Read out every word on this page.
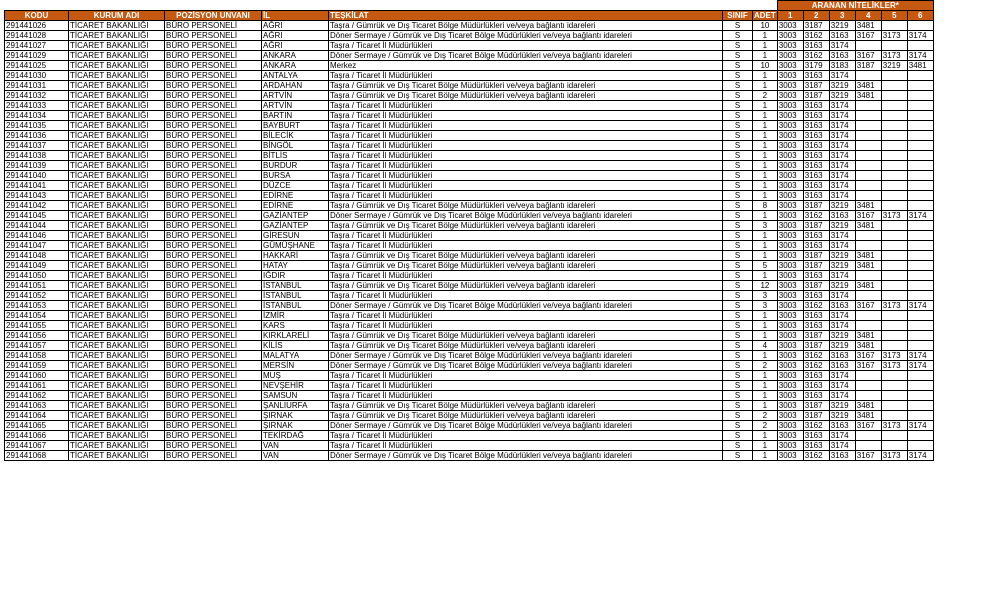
							ARANAN NİTELİKLER*					
KODU	KURUM ADI	POZİSYON UNVANI	İL	TEŞKİLAT	SINIF	ADET	1	2	3	4	5	6
291441026	TİCARET BAKANLIĞI	BÜRO PERSONELİ	AĞRI	Taşra / Gümrük ve Dış Ticaret Bölge Müdürlükleri ve/veya bağlantı idareleri	S	10	3003	3187	3219	3481		
291441028	TİCARET BAKANLIĞI	BÜRO PERSONELİ	AĞRI	Döner Sermaye / Gümrük ve Dış Ticaret Bölge Müdürlükleri ve/veya bağlantı idareleri	S	1	3003	3162	3163	3167	3173	3174
291441027	TİCARET BAKANLIĞI	BÜRO PERSONELİ	AĞRI	Taşra / Ticaret İl Müdürlükleri	S	1	3003	3163	3174			
291441029	TİCARET BAKANLIĞI	BÜRO PERSONELİ	ANKARA	Döner Sermaye / Gümrük ve Dış Ticaret Bölge Müdürlükleri ve/veya bağlantı idareleri	S	1	3003	3162	3163	3167	3173	3174
291441025	TİCARET BAKANLIĞI	BÜRO PERSONELİ	ANKARA	Merkez	S	10	3003	3179	3183	3187	3219	3481
291441030	TİCARET BAKANLIĞI	BÜRO PERSONELİ	ANTALYA	Taşra / Ticaret İl Müdürlükleri	S	1	3003	3163	3174			
291441031	TİCARET BAKANLIĞI	BÜRO PERSONELİ	ARDAHAN	Taşra / Gümrük ve Dış Ticaret Bölge Müdürlükleri ve/veya bağlantı idareleri	S	1	3003	3187	3219	3481		
291441032	TİCARET BAKANLIĞI	BÜRO PERSONELİ	ARTVİN	Taşra / Gümrük ve Dış Ticaret Bölge Müdürlükleri ve/veya bağlantı idareleri	S	2	3003	3187	3219	3481		
291441033	TİCARET BAKANLIĞI	BÜRO PERSONELİ	ARTVİN	Taşra / Ticaret İl Müdürlükleri	S	1	3003	3163	3174			
291441034	TİCARET BAKANLIĞI	BÜRO PERSONELİ	BARTIN	Taşra / Ticaret İl Müdürlükleri	S	1	3003	3163	3174			
291441035	TİCARET BAKANLIĞI	BÜRO PERSONELİ	BAYBURT	Taşra / Ticaret İl Müdürlükleri	S	1	3003	3163	3174			
291441036	TİCARET BAKANLIĞI	BÜRO PERSONELİ	BİLECİK	Taşra / Ticaret İl Müdürlükleri	S	1	3003	3163	3174			
291441037	TİCARET BAKANLIĞI	BÜRO PERSONELİ	BİNGÖL	Taşra / Ticaret İl Müdürlükleri	S	1	3003	3163	3174			
291441038	TİCARET BAKANLIĞI	BÜRO PERSONELİ	BİTLİS	Taşra / Ticaret İl Müdürlükleri	S	1	3003	3163	3174			
291441039	TİCARET BAKANLIĞI	BÜRO PERSONELİ	BURDUR	Taşra / Ticaret İl Müdürlükleri	S	1	3003	3163	3174			
291441040	TİCARET BAKANLIĞI	BÜRO PERSONELİ	BURSA	Taşra / Ticaret İl Müdürlükleri	S	1	3003	3163	3174			
291441041	TİCARET BAKANLIĞI	BÜRO PERSONELİ	DÜZCE	Taşra / Ticaret İl Müdürlükleri	S	1	3003	3163	3174			
291441043	TİCARET BAKANLIĞI	BÜRO PERSONELİ	EDİRNE	Taşra / Ticaret İl Müdürlükleri	S	1	3003	3163	3174			
291441042	TİCARET BAKANLIĞI	BÜRO PERSONELİ	EDİRNE	Taşra / Gümrük ve Dış Ticaret Bölge Müdürlükleri ve/veya bağlantı idareleri	S	8	3003	3187	3219	3481		
291441045	TİCARET BAKANLIĞI	BÜRO PERSONELİ	GAZİANTEP	Döner Sermaye / Gümrük ve Dış Ticaret Bölge Müdürlükleri ve/veya bağlantı idareleri	S	1	3003	3162	3163	3167	3173	3174
291441044	TİCARET BAKANLIĞI	BÜRO PERSONELİ	GAZİANTEP	Taşra / Gümrük ve Dış Ticaret Bölge Müdürlükleri ve/veya bağlantı idareleri	S	3	3003	3187	3219	3481		
291441046	TİCARET BAKANLIĞI	BÜRO PERSONELİ	GİRESUN	Taşra / Ticaret İl Müdürlükleri	S	1	3003	3163	3174			
291441047	TİCARET BAKANLIĞI	BÜRO PERSONELİ	GÜMÜŞHANE	Taşra / Ticaret İl Müdürlükleri	S	1	3003	3163	3174			
291441048	TİCARET BAKANLIĞI	BÜRO PERSONELİ	HAKKARİ	Taşra / Gümrük ve Dış Ticaret Bölge Müdürlükleri ve/veya bağlantı idareleri	S	1	3003	3187	3219	3481		
291441049	TİCARET BAKANLIĞI	BÜRO PERSONELİ	HATAY	Taşra / Gümrük ve Dış Ticaret Bölge Müdürlükleri ve/veya bağlantı idareleri	S	5	3003	3187	3219	3481		
291441050	TİCARET BAKANLIĞI	BÜRO PERSONELİ	IĞDIR	Taşra / Ticaret İl Müdürlükleri	S	1	3003	3163	3174			
291441051	TİCARET BAKANLIĞI	BÜRO PERSONELİ	İSTANBUL	Taşra / Gümrük ve Dış Ticaret Bölge Müdürlükleri ve/veya bağlantı idareleri	S	12	3003	3187	3219	3481		
291441052	TİCARET BAKANLIĞI	BÜRO PERSONELİ	İSTANBUL	Taşra / Ticaret İl Müdürlükleri	S	3	3003	3163	3174			
291441053	TİCARET BAKANLIĞI	BÜRO PERSONELİ	İSTANBUL	Döner Sermaye / Gümrük ve Dış Ticaret Bölge Müdürlükleri ve/veya bağlantı idareleri	S	3	3003	3162	3163	3167	3173	3174
291441054	TİCARET BAKANLIĞI	BÜRO PERSONELİ	İZMİR	Taşra / Ticaret İl Müdürlükleri	S	1	3003	3163	3174			
291441055	TİCARET BAKANLIĞI	BÜRO PERSONELİ	KARS	Taşra / Ticaret İl Müdürlükleri	S	1	3003	3163	3174			
291441056	TİCARET BAKANLIĞI	BÜRO PERSONELİ	KIRKLARELİ	Taşra / Gümrük ve Dış Ticaret Bölge Müdürlükleri ve/veya bağlantı idareleri	S	1	3003	3187	3219	3481		
291441057	TİCARET BAKANLIĞI	BÜRO PERSONELİ	KİLİS	Taşra / Gümrük ve Dış Ticaret Bölge Müdürlükleri ve/veya bağlantı idareleri	S	4	3003	3187	3219	3481		
291441058	TİCARET BAKANLIĞI	BÜRO PERSONELİ	MALATYA	Döner Sermaye / Gümrük ve Dış Ticaret Bölge Müdürlükleri ve/veya bağlantı idareleri	S	1	3003	3162	3163	3167	3173	3174
291441059	TİCARET BAKANLIĞI	BÜRO PERSONELİ	MERSİN	Döner Sermaye / Gümrük ve Dış Ticaret Bölge Müdürlükleri ve/veya bağlantı idareleri	S	2	3003	3162	3163	3167	3173	3174
291441060	TİCARET BAKANLIĞI	BÜRO PERSONELİ	MUŞ	Taşra / Ticaret İl Müdürlükleri	S	1	3003	3163	3174			
291441061	TİCARET BAKANLIĞI	BÜRO PERSONELİ	NEVŞEHİR	Taşra / Ticaret İl Müdürlükleri	S	1	3003	3163	3174			
291441062	TİCARET BAKANLIĞI	BÜRO PERSONELİ	SAMSUN	Taşra / Ticaret İl Müdürlükleri	S	1	3003	3163	3174			
291441063	TİCARET BAKANLIĞI	BÜRO PERSONELİ	ŞANLIURFA	Taşra / Gümrük ve Dış Ticaret Bölge Müdürlükleri ve/veya bağlantı idareleri	S	1	3003	3187	3219	3481		
291441064	TİCARET BAKANLIĞI	BÜRO PERSONELİ	ŞIRNAK	Taşra / Gümrük ve Dış Ticaret Bölge Müdürlükleri ve/veya bağlantı idareleri	S	2	3003	3187	3219	3481		
291441065	TİCARET BAKANLIĞI	BÜRO PERSONELİ	ŞIRNAK	Döner Sermaye / Gümrük ve Dış Ticaret Bölge Müdürlükleri ve/veya bağlantı idareleri	S	2	3003	3162	3163	3167	3173	3174
291441066	TİCARET BAKANLIĞI	BÜRO PERSONELİ	TEKİRDAĞ	Taşra / Ticaret İl Müdürlükleri	S	1	3003	3163	3174			
291441067	TİCARET BAKANLIĞI	BÜRO PERSONELİ	VAN	Taşra / Ticaret İl Müdürlükleri	S	1	3003	3163	3174			
291441068	TİCARET BAKANLIĞI	BÜRO PERSONELİ	VAN	Döner Sermaye / Gümrük ve Dış Ticaret Bölge Müdürlükleri ve/veya bağlantı idareleri	S	1	3003	3162	3163	3167	3173	3174
